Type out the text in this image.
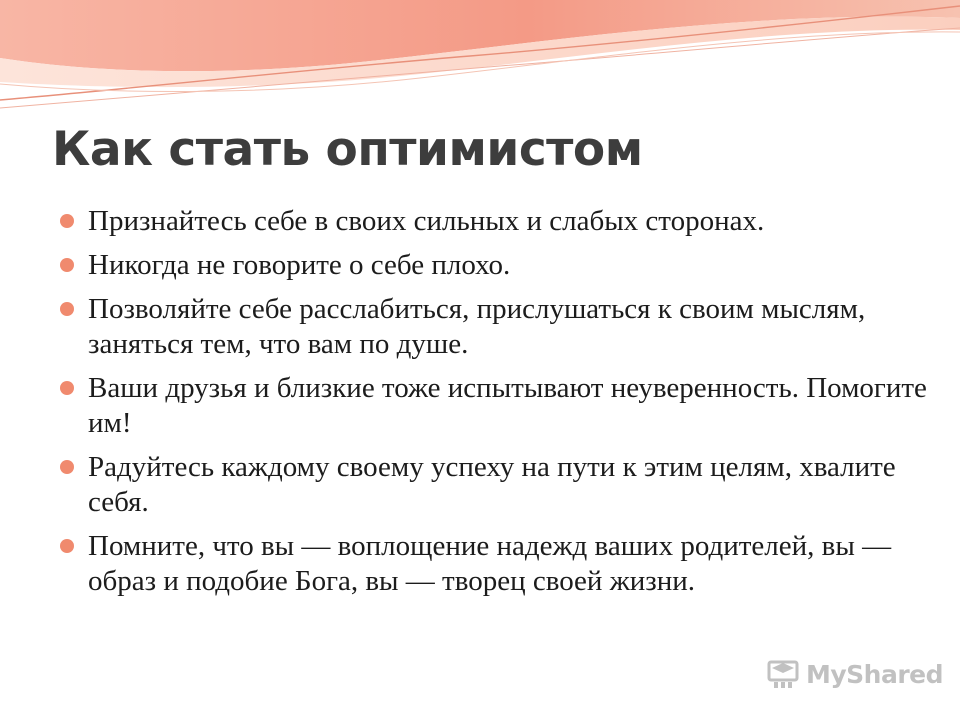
Как стать оптимистом
Признайтесь себе в своих сильных и слабых сторонах.
Никогда не говорите о себе плохо.
Позволяйте себе расслабиться, прислушаться к своим мыслям, заняться тем, что вам по душе.
Ваши друзья и близкие тоже испытывают неуверенность. Помогите им!
Радуйтесь каждому своему успеху на пути к этим целям, хвалите себя.
Помните, что вы — воплощение надежд ваших родителей, вы — образ и подобие Бога, вы — творец своей жизни.
MyShared
